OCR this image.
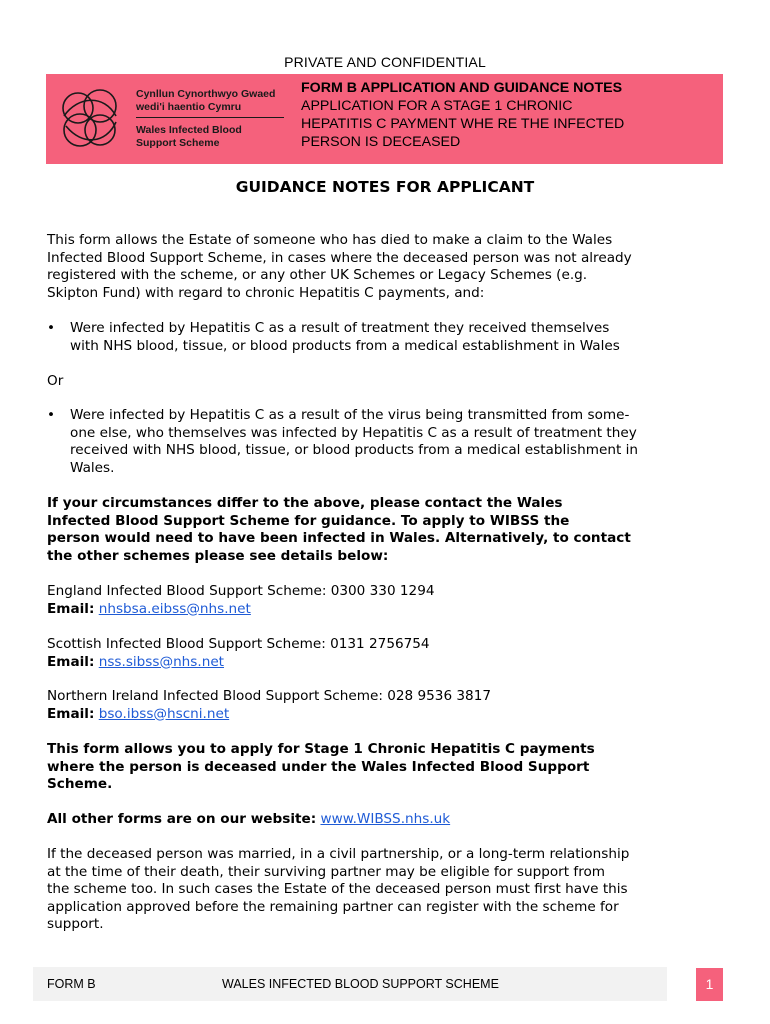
PRIVATE AND CONFIDENTIAL
Cynllun Cynorthwyo Gwaed
wedi'i haentio Cymru
Wales Infected Blood
Support Scheme
FORM B APPLICATION AND GUIDANCE NOTES
APPLICATION FOR A STAGE 1 CHRONIC
HEPATITIS C PAYMENT WHE RE THE INFECTED
PERSON IS DECEASED
GUIDANCE NOTES FOR APPLICANT
This form allows the Estate of someone who has died to make a claim to the Wales
Infected Blood Support Scheme, in cases where the deceased person was not already
registered with the scheme, or any other UK Schemes or Legacy Schemes (e.g.
Skipton Fund) with regard to chronic Hepatitis C payments, and:
• Were infected by Hepatitis C as a result of treatment they received themselves
with NHS blood, tissue, or blood products from a medical establishment in Wales
Or
• Were infected by Hepatitis C as a result of the virus being transmitted from some-
one else, who themselves was infected by Hepatitis C as a result of treatment they
received with NHS blood, tissue, or blood products from a medical establishment in
Wales.
If your circumstances differ to the above, please contact the Wales
Infected Blood Support Scheme for guidance. To apply to WIBSS the
person would need to have been infected in Wales. Alternatively, to contact
the other schemes please see details below:
England Infected Blood Support Scheme: 0300 330 1294
Email: nhsbsa.eibss@nhs.net
Scottish Infected Blood Support Scheme: 0131 2756754
Email: nss.sibss@nhs.net
Northern Ireland Infected Blood Support Scheme: 028 9536 3817
Email: bso.ibss@hscni.net
This form allows you to apply for Stage 1 Chronic Hepatitis C payments
where the person is deceased under the Wales Infected Blood Support
Scheme.
All other forms are on our website: www.WIBSS.nhs.uk
If the deceased person was married, in a civil partnership, or a long-term relationship
at the time of their death, their surviving partner may be eligible for support from
the scheme too. In such cases the Estate of the deceased person must first have this
application approved before the remaining partner can register with the scheme for
support.
FORM B	WALES INFECTED BLOOD SUPPORT SCHEME	1
